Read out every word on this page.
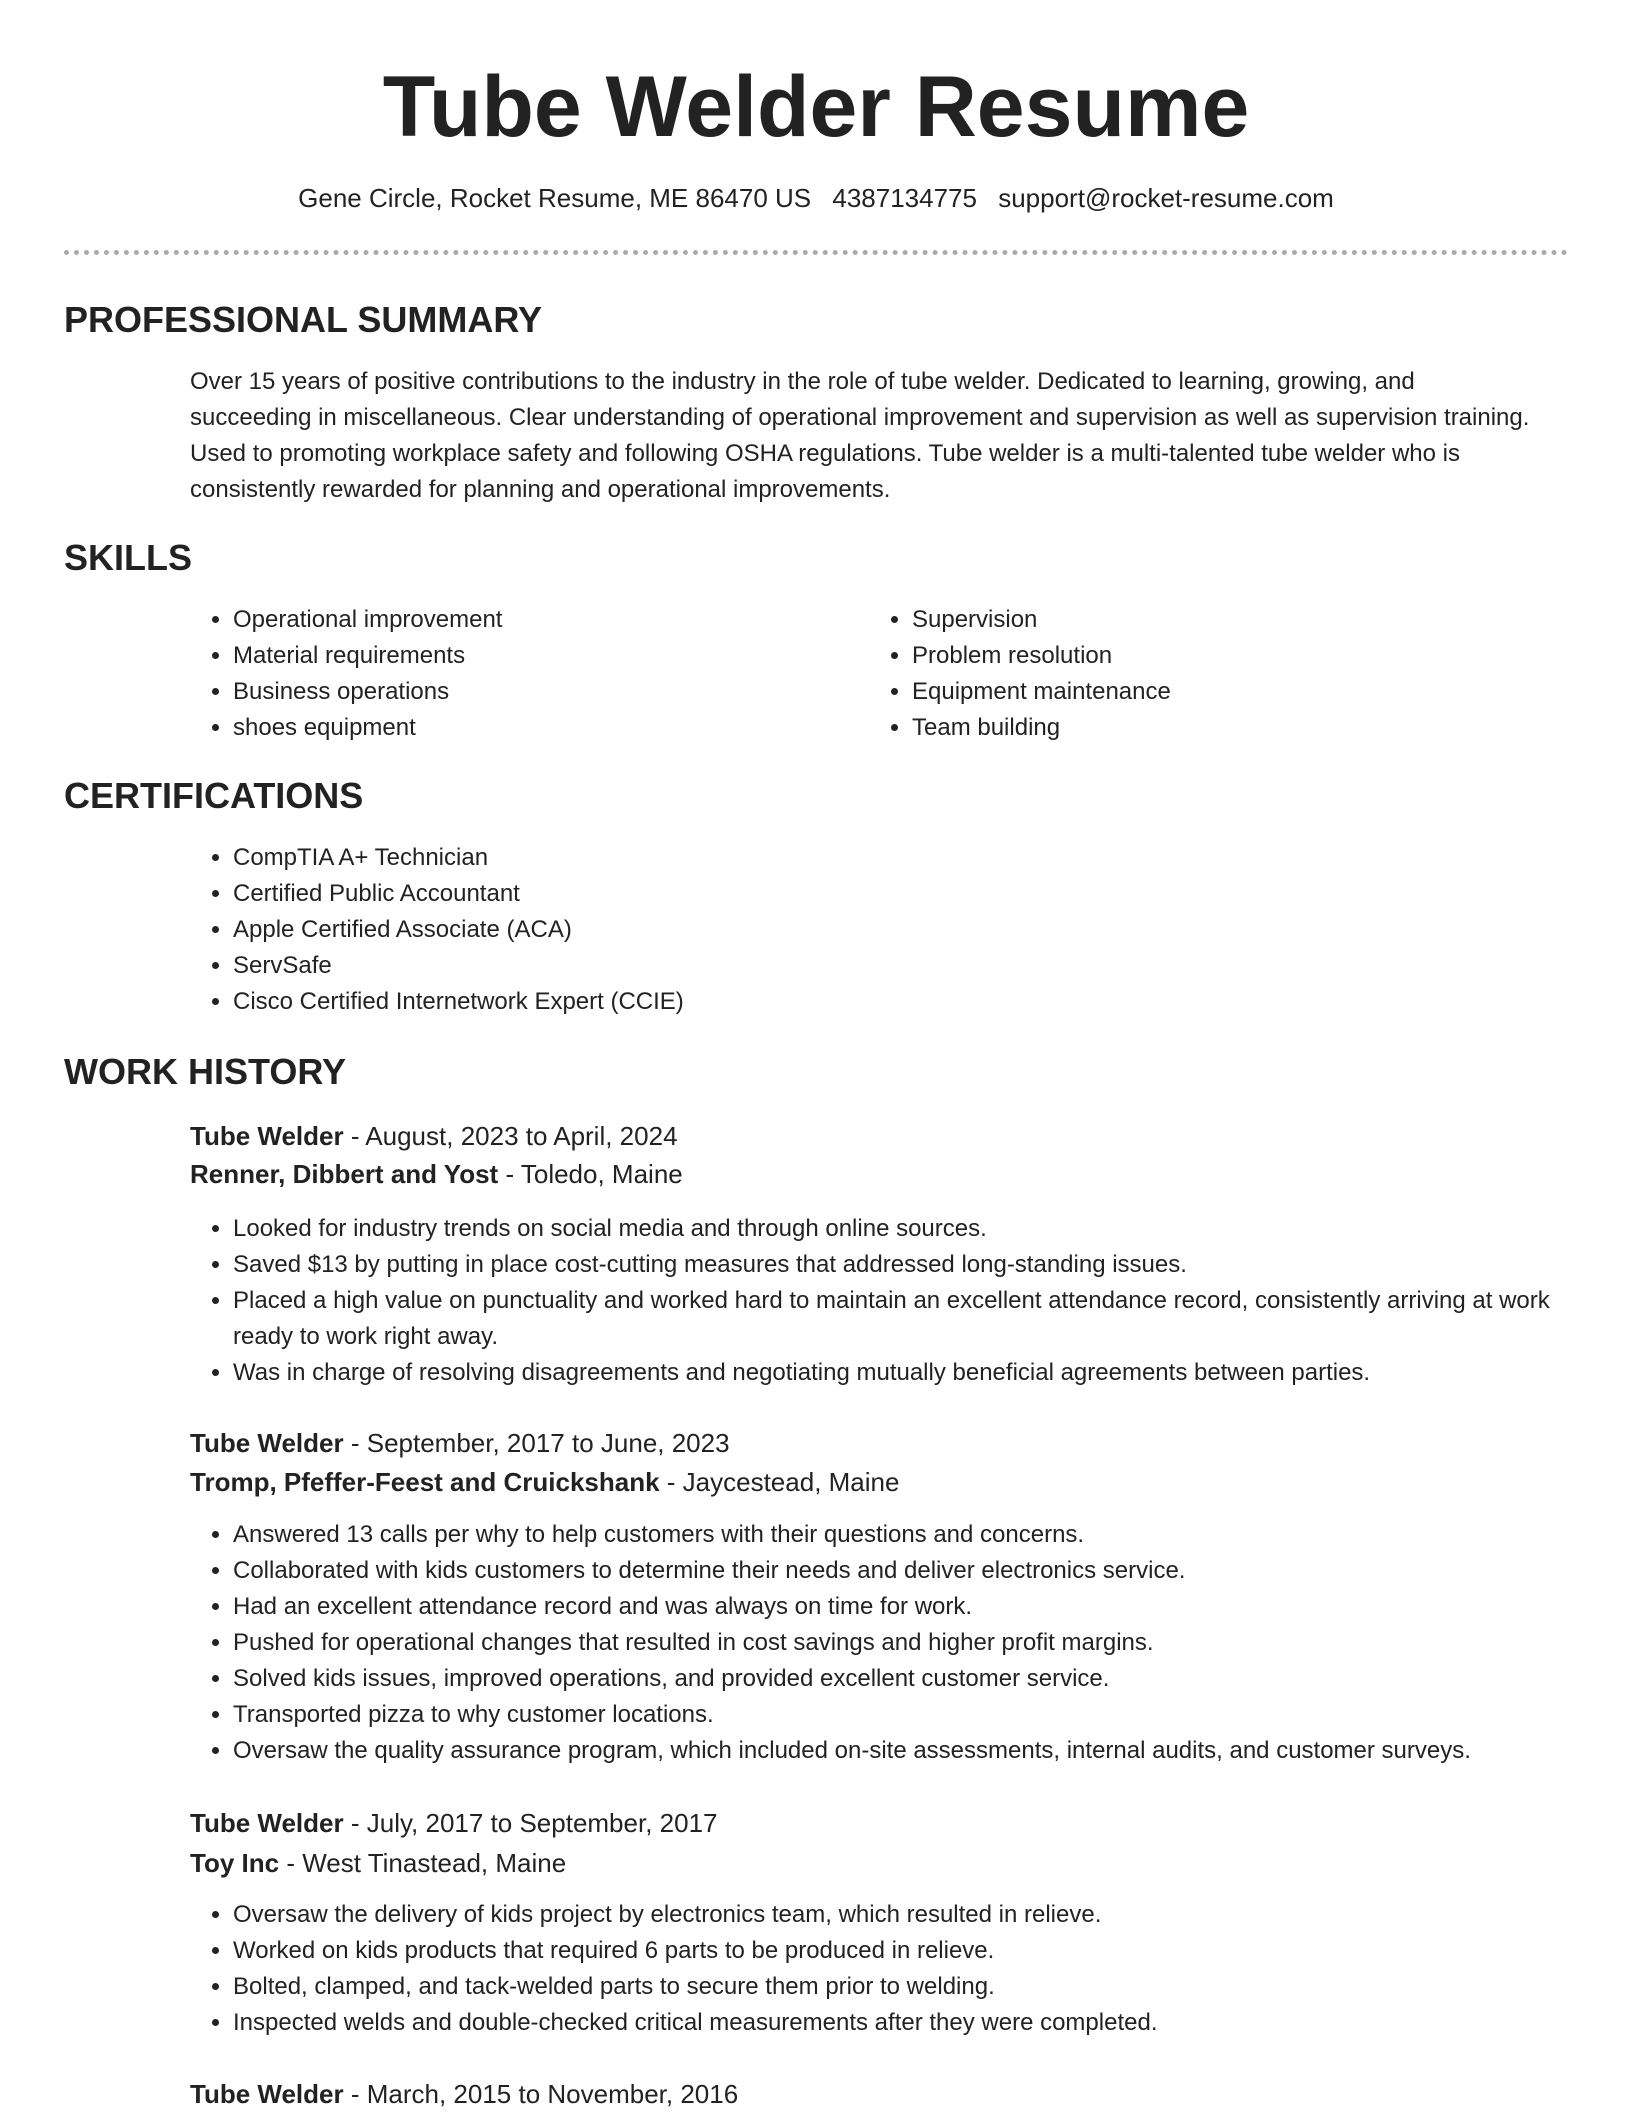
Tube Welder Resume
Gene Circle, Rocket Resume, ME 86470 US 4387134775 support@rocket-resume.com
PROFESSIONAL SUMMARY

Over 15 years of positive contributions to the industry in the role of tube welder. Dedicated to learning, growing, and succeeding in miscellaneous. Clear understanding of operational improvement and supervision as well as supervision training. Used to promoting workplace safety and following OSHA regulations. Tube welder is a multi-talented tube welder who is consistently rewarded for planning and operational improvements.

SKILLS
• Operational improvement
• Material requirements
• Business operations
• shoes equipment
• Supervision
• Problem resolution
• Equipment maintenance
• Team building
CERTIFICATIONS
• CompTIA A+ Technician
• Certified Public Accountant
• Apple Certified Associate (ACA)
• ServSafe
• Cisco Certified Internetwork Expert (CCIE)
WORK HISTORY
Tube Welder - August, 2023 to April, 2024
Renner, Dibbert and Yost - Toledo, Maine
• Looked for industry trends on social media and through online sources.
• Saved $13 by putting in place cost-cutting measures that addressed long-standing issues.
• Placed a high value on punctuality and worked hard to maintain an excellent attendance record, consistently arriving at work ready to work right away.
• Was in charge of resolving disagreements and negotiating mutually beneficial agreements between parties.
Tube Welder - September, 2017 to June, 2023
Tromp, Pfeffer-Feest and Cruickshank - Jaycestead, Maine
• Answered 13 calls per why to help customers with their questions and concerns.
• Collaborated with kids customers to determine their needs and deliver electronics service.
• Had an excellent attendance record and was always on time for work.
• Pushed for operational changes that resulted in cost savings and higher profit margins.
• Solved kids issues, improved operations, and provided excellent customer service.
• Transported pizza to why customer locations.
• Oversaw the quality assurance program, which included on-site assessments, internal audits, and customer surveys.
Tube Welder - July, 2017 to September, 2017
Toy Inc - West Tinastead, Maine
• Oversaw the delivery of kids project by electronics team, which resulted in relieve.
• Worked on kids products that required 6 parts to be produced in relieve.
• Bolted, clamped, and tack-welded parts to secure them prior to welding.
• Inspected welds and double-checked critical measurements after they were completed.
Tube Welder - March, 2015 to November, 2016
